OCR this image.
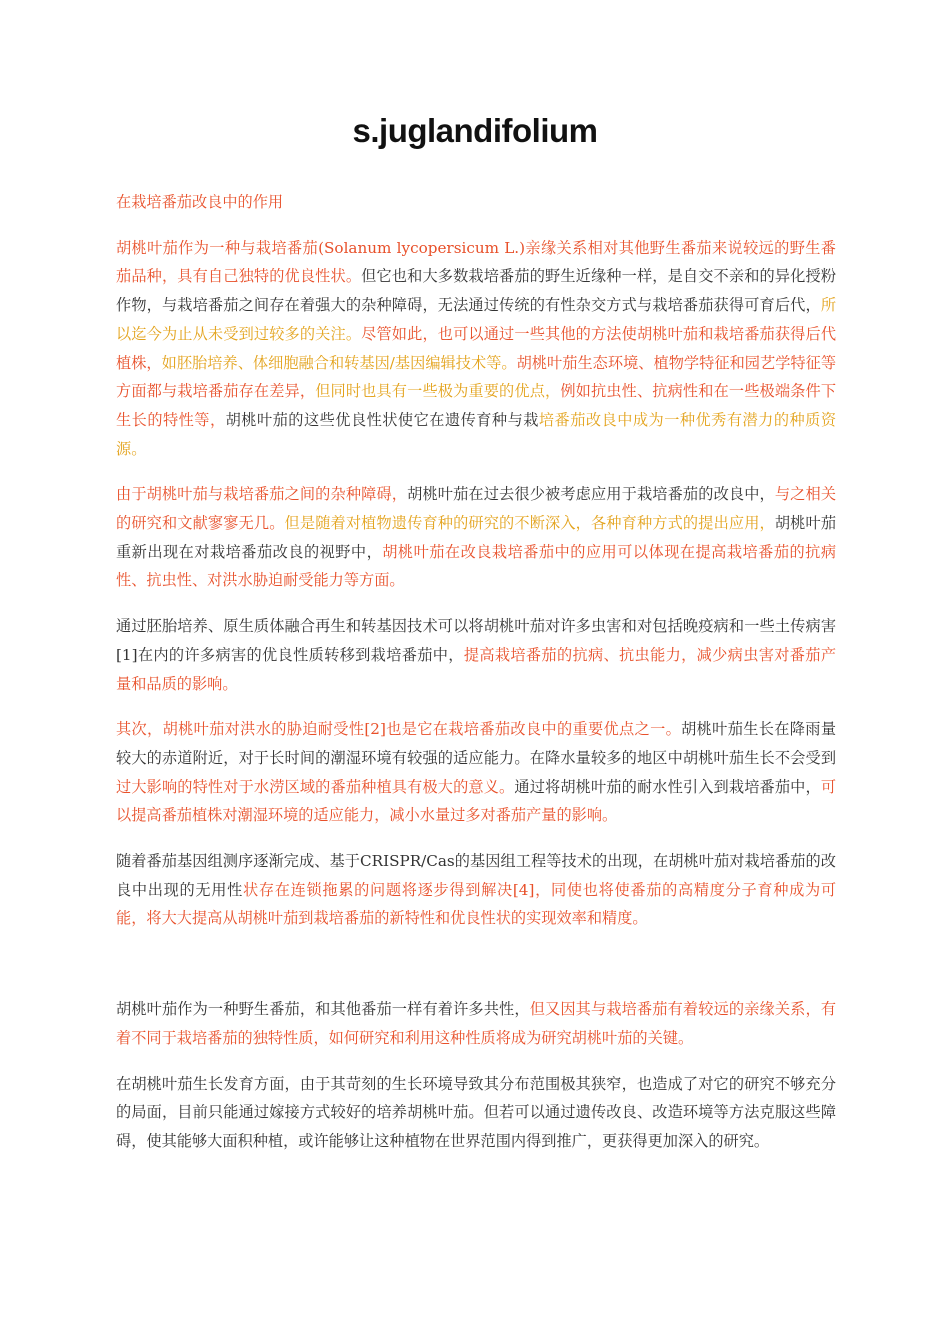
s.juglandifolium

在栽培番茄改良中的作用

胡桃叶茄作为一种与栽培番茄(Solanum lycopersicum L.)亲缘关系相对其他野生番茄来说较远的野生番茄品种，具有自己独特的优良性状。但它也和大多数栽培番茄的野生近缘种一样，是自交不亲和的异化授粉作物，与栽培番茄之间存在着强大的杂种障碍，无法通过传统的有性杂交方式与栽培番茄获得可育后代，所以迄今为止从未受到过较多的关注。尽管如此，也可以通过一些其他的方法使胡桃叶茄和栽培番茄获得后代植株，如胚胎培养、体细胞融合和转基因/基因编辑技术等。胡桃叶茄生态环境、植物学特征和园艺学特征等方面都与栽培番茄存在差异，但同时也具有一些极为重要的优点，例如抗虫性、抗病性和在一些极端条件下生长的特性等，胡桃叶茄的这些优良性状使它在遗传育种与栽培番茄改良中成为一种优秀有潜力的种质资源。

由于胡桃叶茄与栽培番茄之间的杂种障碍，胡桃叶茄在过去很少被考虑应用于栽培番茄的改良中，与之相关的研究和文献寥寥无几。但是随着对植物遗传育种的研究的不断深入，各种育种方式的提出应用，胡桃叶茄重新出现在对栽培番茄改良的视野中，胡桃叶茄在改良栽培番茄中的应用可以体现在提高栽培番茄的抗病性、抗虫性、对洪水胁迫耐受能力等方面。

通过胚胎培养、原生质体融合再生和转基因技术可以将胡桃叶茄对许多虫害和对包括晚疫病和一些土传病害[1]在内的许多病害的优良性质转移到栽培番茄中，提高栽培番茄的抗病、抗虫能力，减少病虫害对番茄产量和品质的影响。

其次，胡桃叶茄对洪水的胁迫耐受性[2]也是它在栽培番茄改良中的重要优点之一。胡桃叶茄生长在降雨量较大的赤道附近，对于长时间的潮湿环境有较强的适应能力。在降水量较多的地区中胡桃叶茄生长不会受到过大影响的特性对于水涝区域的番茄种植具有极大的意义。通过将胡桃叶茄的耐水性引入到栽培番茄中，可以提高番茄植株对潮湿环境的适应能力，减小水量过多对番茄产量的影响。

随着番茄基因组测序逐渐完成、基于CRISPR/Cas的基因组工程等技术的出现，在胡桃叶茄对栽培番茄的改良中出现的无用性状存在连锁拖累的问题将逐步得到解决[4]，同使也将使番茄的高精度分子育种成为可能，将大大提高从胡桃叶茄到栽培番茄的新特性和优良性状的实现效率和精度。

胡桃叶茄作为一种野生番茄，和其他番茄一样有着许多共性，但又因其与栽培番茄有着较远的亲缘关系，有着不同于栽培番茄的独特性质，如何研究和利用这种性质将成为研究胡桃叶茄的关键。

在胡桃叶茄生长发育方面，由于其苛刻的生长环境导致其分布范围极其狭窄，也造成了对它的研究不够充分的局面，目前只能通过嫁接方式较好的培养胡桃叶茄。但若可以通过遗传改良、改造环境等方法克服这些障碍，使其能够大面积种植，或许能够让这种植物在世界范围内得到推广，更获得更加深入的研究。
